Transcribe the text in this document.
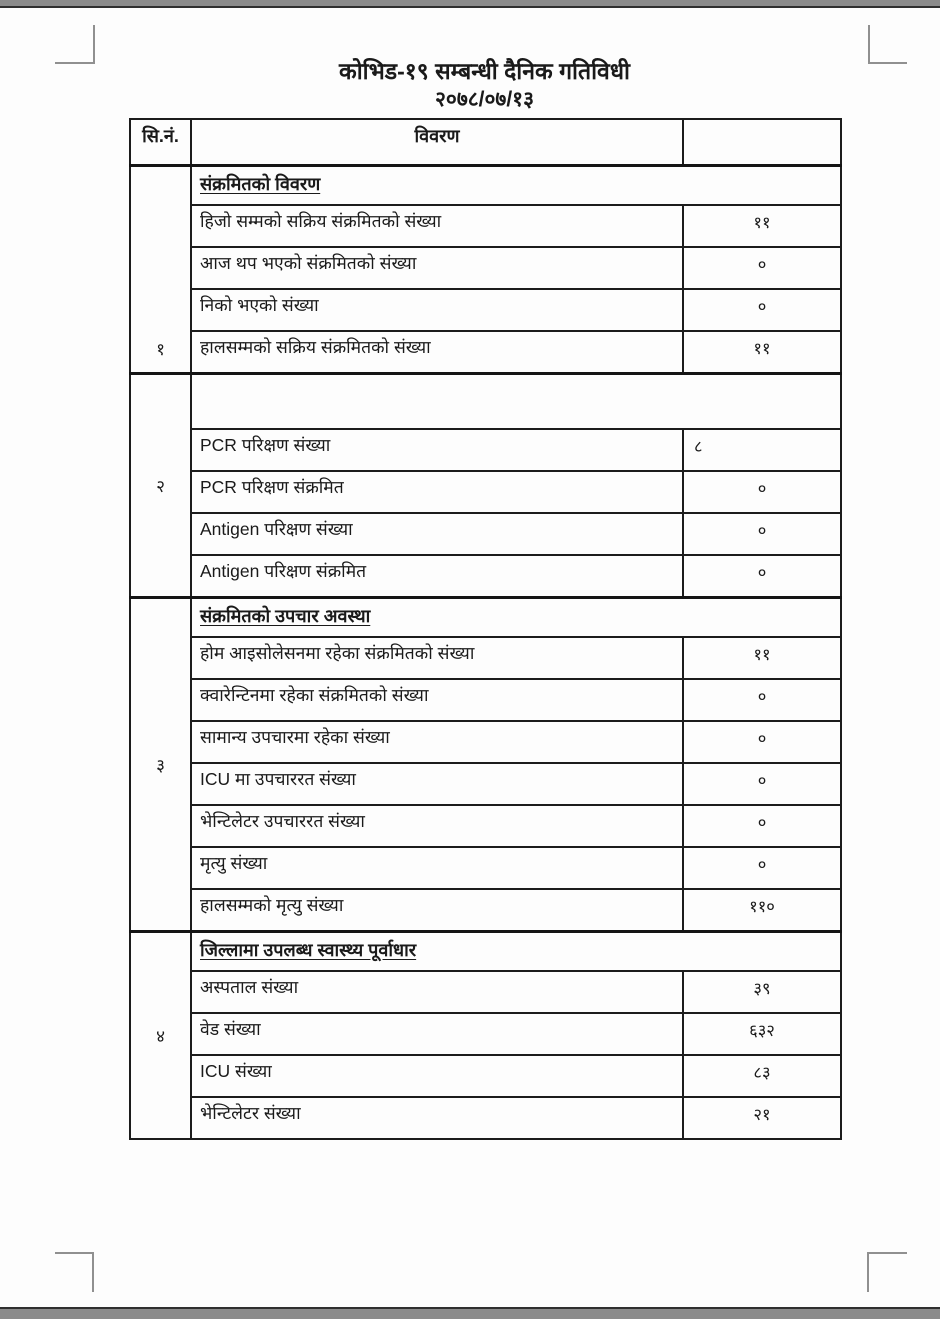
कोभिड-१९ सम्बन्धी दैनिक गतिविधी
२०७८/०७/१३
सि.नं.	विवरण	
१	संक्रमितको विवरण	
	हिजो सम्मको सक्रिय संक्रमितको संख्या	११
	आज थप भएको संक्रमितको संख्या	०
	निको भएको संख्या	०
	हालसम्मको सक्रिय संक्रमितको संख्या	११
२		
	PCR परिक्षण संख्या	८
	PCR परिक्षण संक्रमित	०
	Antigen परिक्षण संख्या	०
	Antigen परिक्षण संक्रमित	०
३	संक्रमितको उपचार अवस्था	
	होम आइसोलेसनमा रहेका संक्रमितको संख्या	११
	क्वारेन्टिनमा रहेका संक्रमितको संख्या	०
	सामान्य उपचारमा रहेका संख्या	०
	ICU मा उपचाररत संख्या	०
	भेन्टिलेटर उपचाररत संख्या	०
	मृत्यु संख्या	०
	हालसम्मको मृत्यु संख्या	११०
४	जिल्लामा उपलब्ध स्वास्थ्य पूर्वाधार	
	अस्पताल संख्या	३९
	वेड संख्या	६३२
	ICU संख्या	८३
	भेन्टिलेटर संख्या	२१
